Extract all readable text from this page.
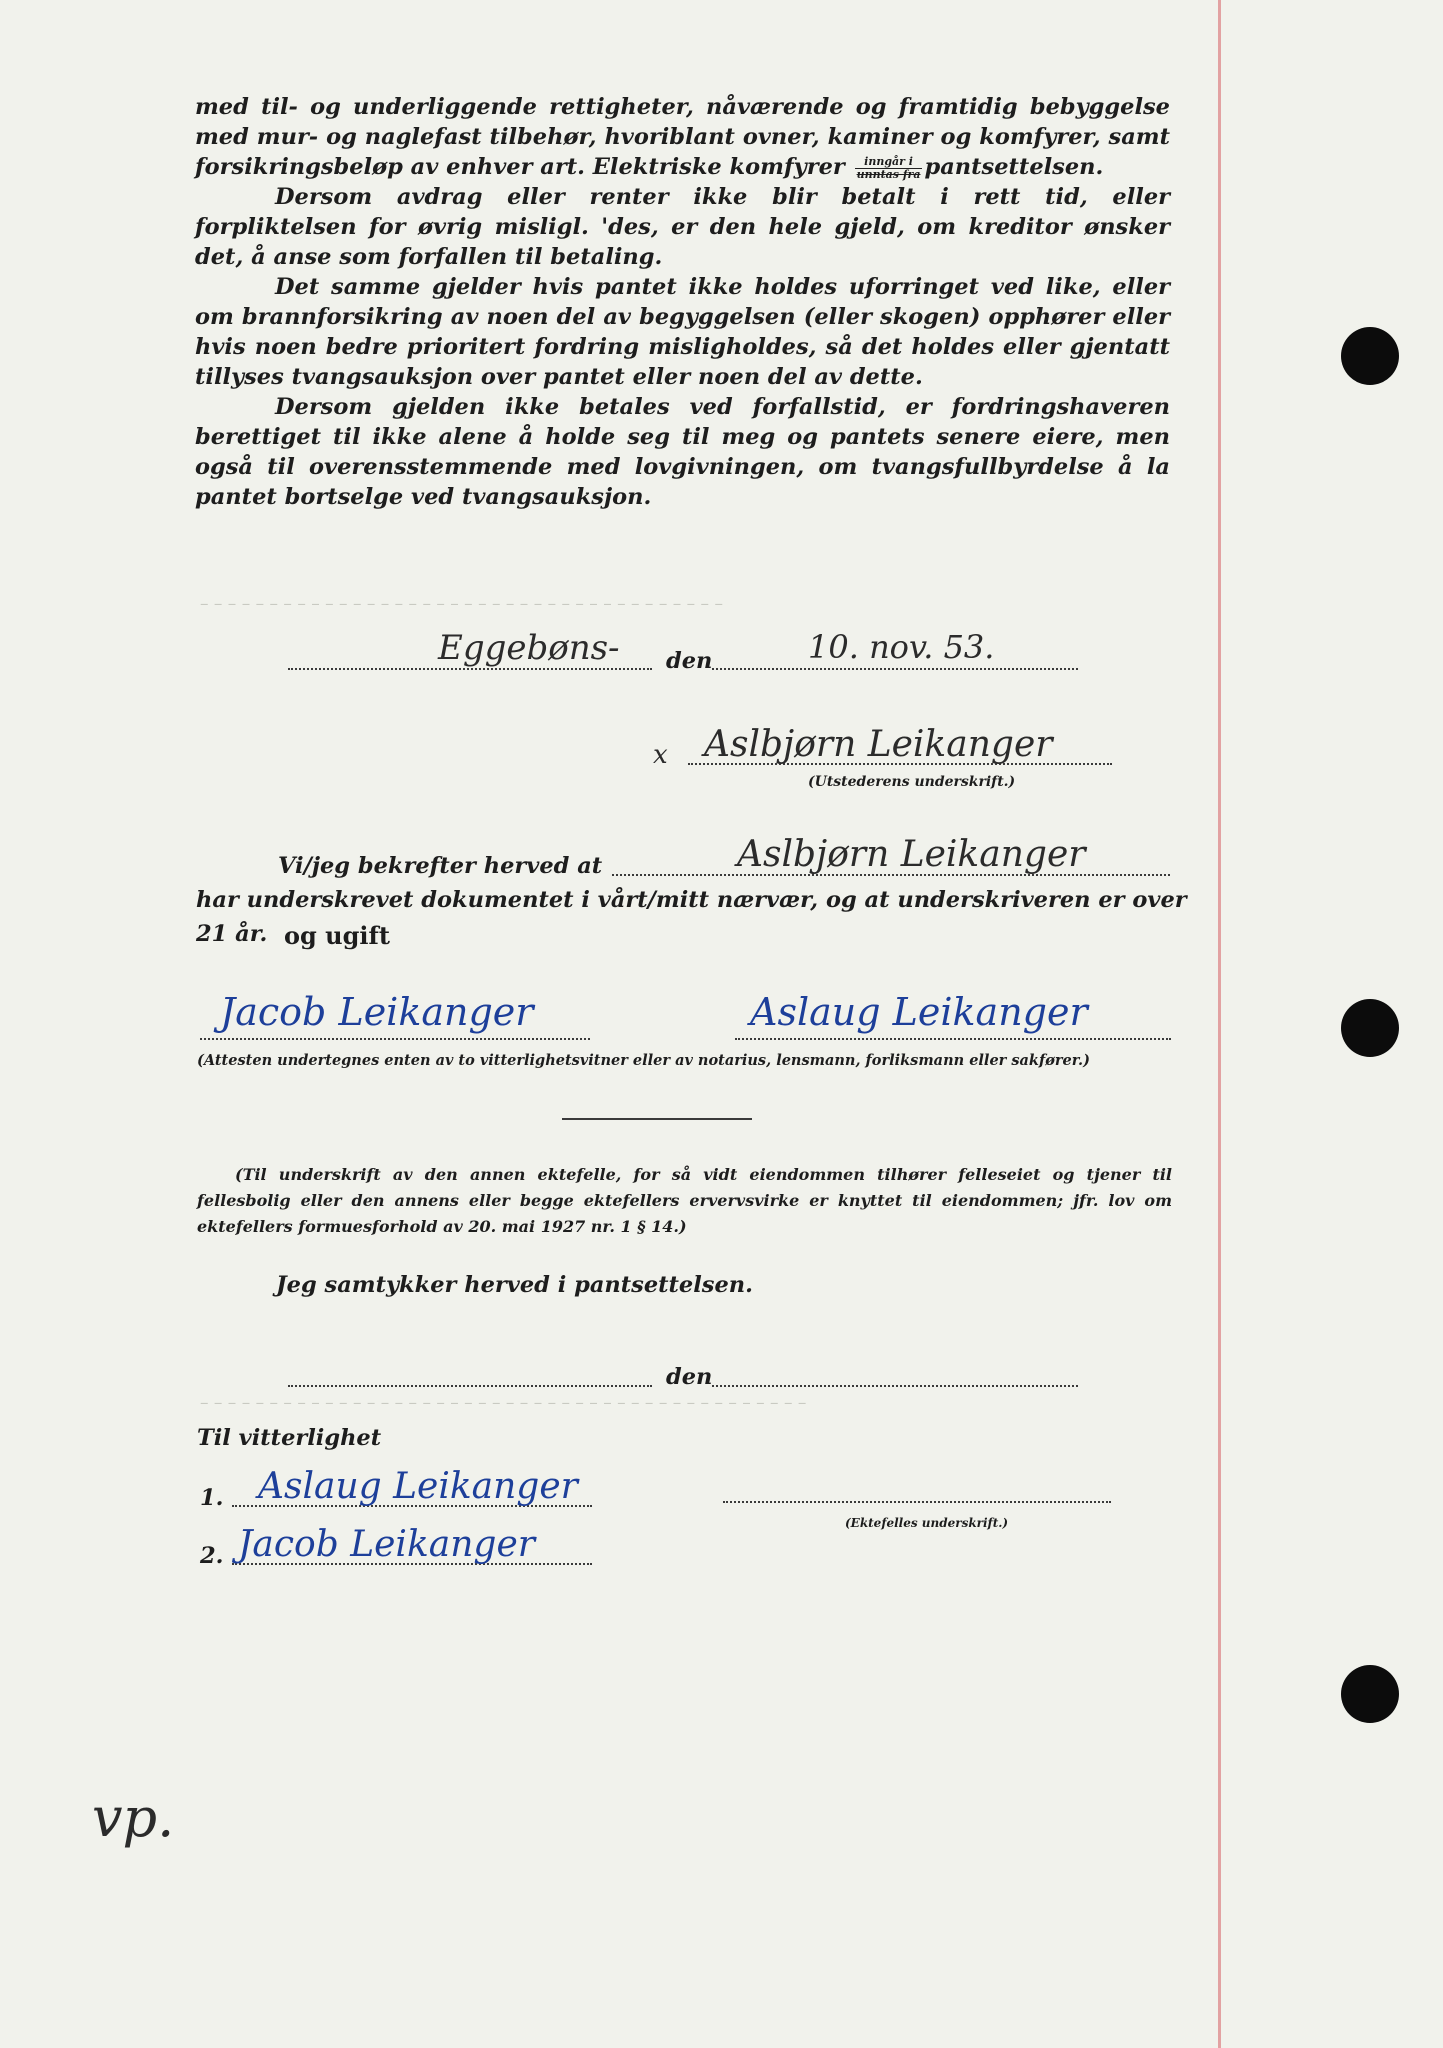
– – – – – – – – – – – – – – – – – – – – – – – – – – – – – – – – – – – – – –
– – – – – – – – – – – – – – – – – – – – – – – – – – – – – – – – – – – – – – – – – – – –

med til- og underliggende rettigheter, nåværende og framtidig bebyggelse med mur- og naglefast tilbehør, hvoriblant ovner, kaminer og komfyrer, samt forsikringsbeløp av enhver art. Elektriske komfyrer $\frac{\text{inngår i}}{\text{unntas fra}}$ pantsettelsen.

Dersom avdrag eller renter ikke blir betalt i rett tid, eller forpliktelsen for øvrig misligl. 'des, er den hele gjeld, om kreditor ønsker det, å anse som forfallen til betaling.

Det samme gjelder hvis pantet ikke holdes uforringet ved like, eller om brannforsikring av noen del av begyggelsen (eller skogen) opphører eller hvis noen bedre prioritert fordring misligholdes, så det holdes eller gjentatt tillyses tvangsauksjon over pantet eller noen del av dette.

Dersom gjelden ikke betales ved forfallstid, er fordringshaveren berettiget til ikke alene å holde seg til meg og pantets senere eiere, men også til overensstemmende med lovgivningen, om tvangsfullbyrdelse å la pantet bortselge ved tvangsauksjon.

Eggebøns- den	10. nov. 53.
x Aslbjørn Leikanger
(Utstederens underskrift.)
Vi/jeg bekrefter herved at	Aslbjørn Leikanger
har underskrevet dokumentet i vårt/mitt nærvær, og at underskriveren er over
21 år. og ugift
Jacob Leikanger	Aslaug Leikanger
(Attesten undertegnes enten av to vitterlighetsvitner eller av notarius, lensmann, forliksmann eller sakfører.)

(Til underskrift av den annen ektefelle, for så vidt eiendommen tilhører felleseiet og tjener til fellesbolig eller den annens eller begge ektefellers ervervsvirke er knyttet til eiendommen; jfr. lov om ektefellers formuesforhold av 20. mai 1927 nr. 1 § 14.)

Jeg samtykker herved i pantsettelsen.
den
Til vitterlighet
1. Aslaug Leikanger
(Ektefelles underskrift.)
2. Jacob Leikanger
vp.
